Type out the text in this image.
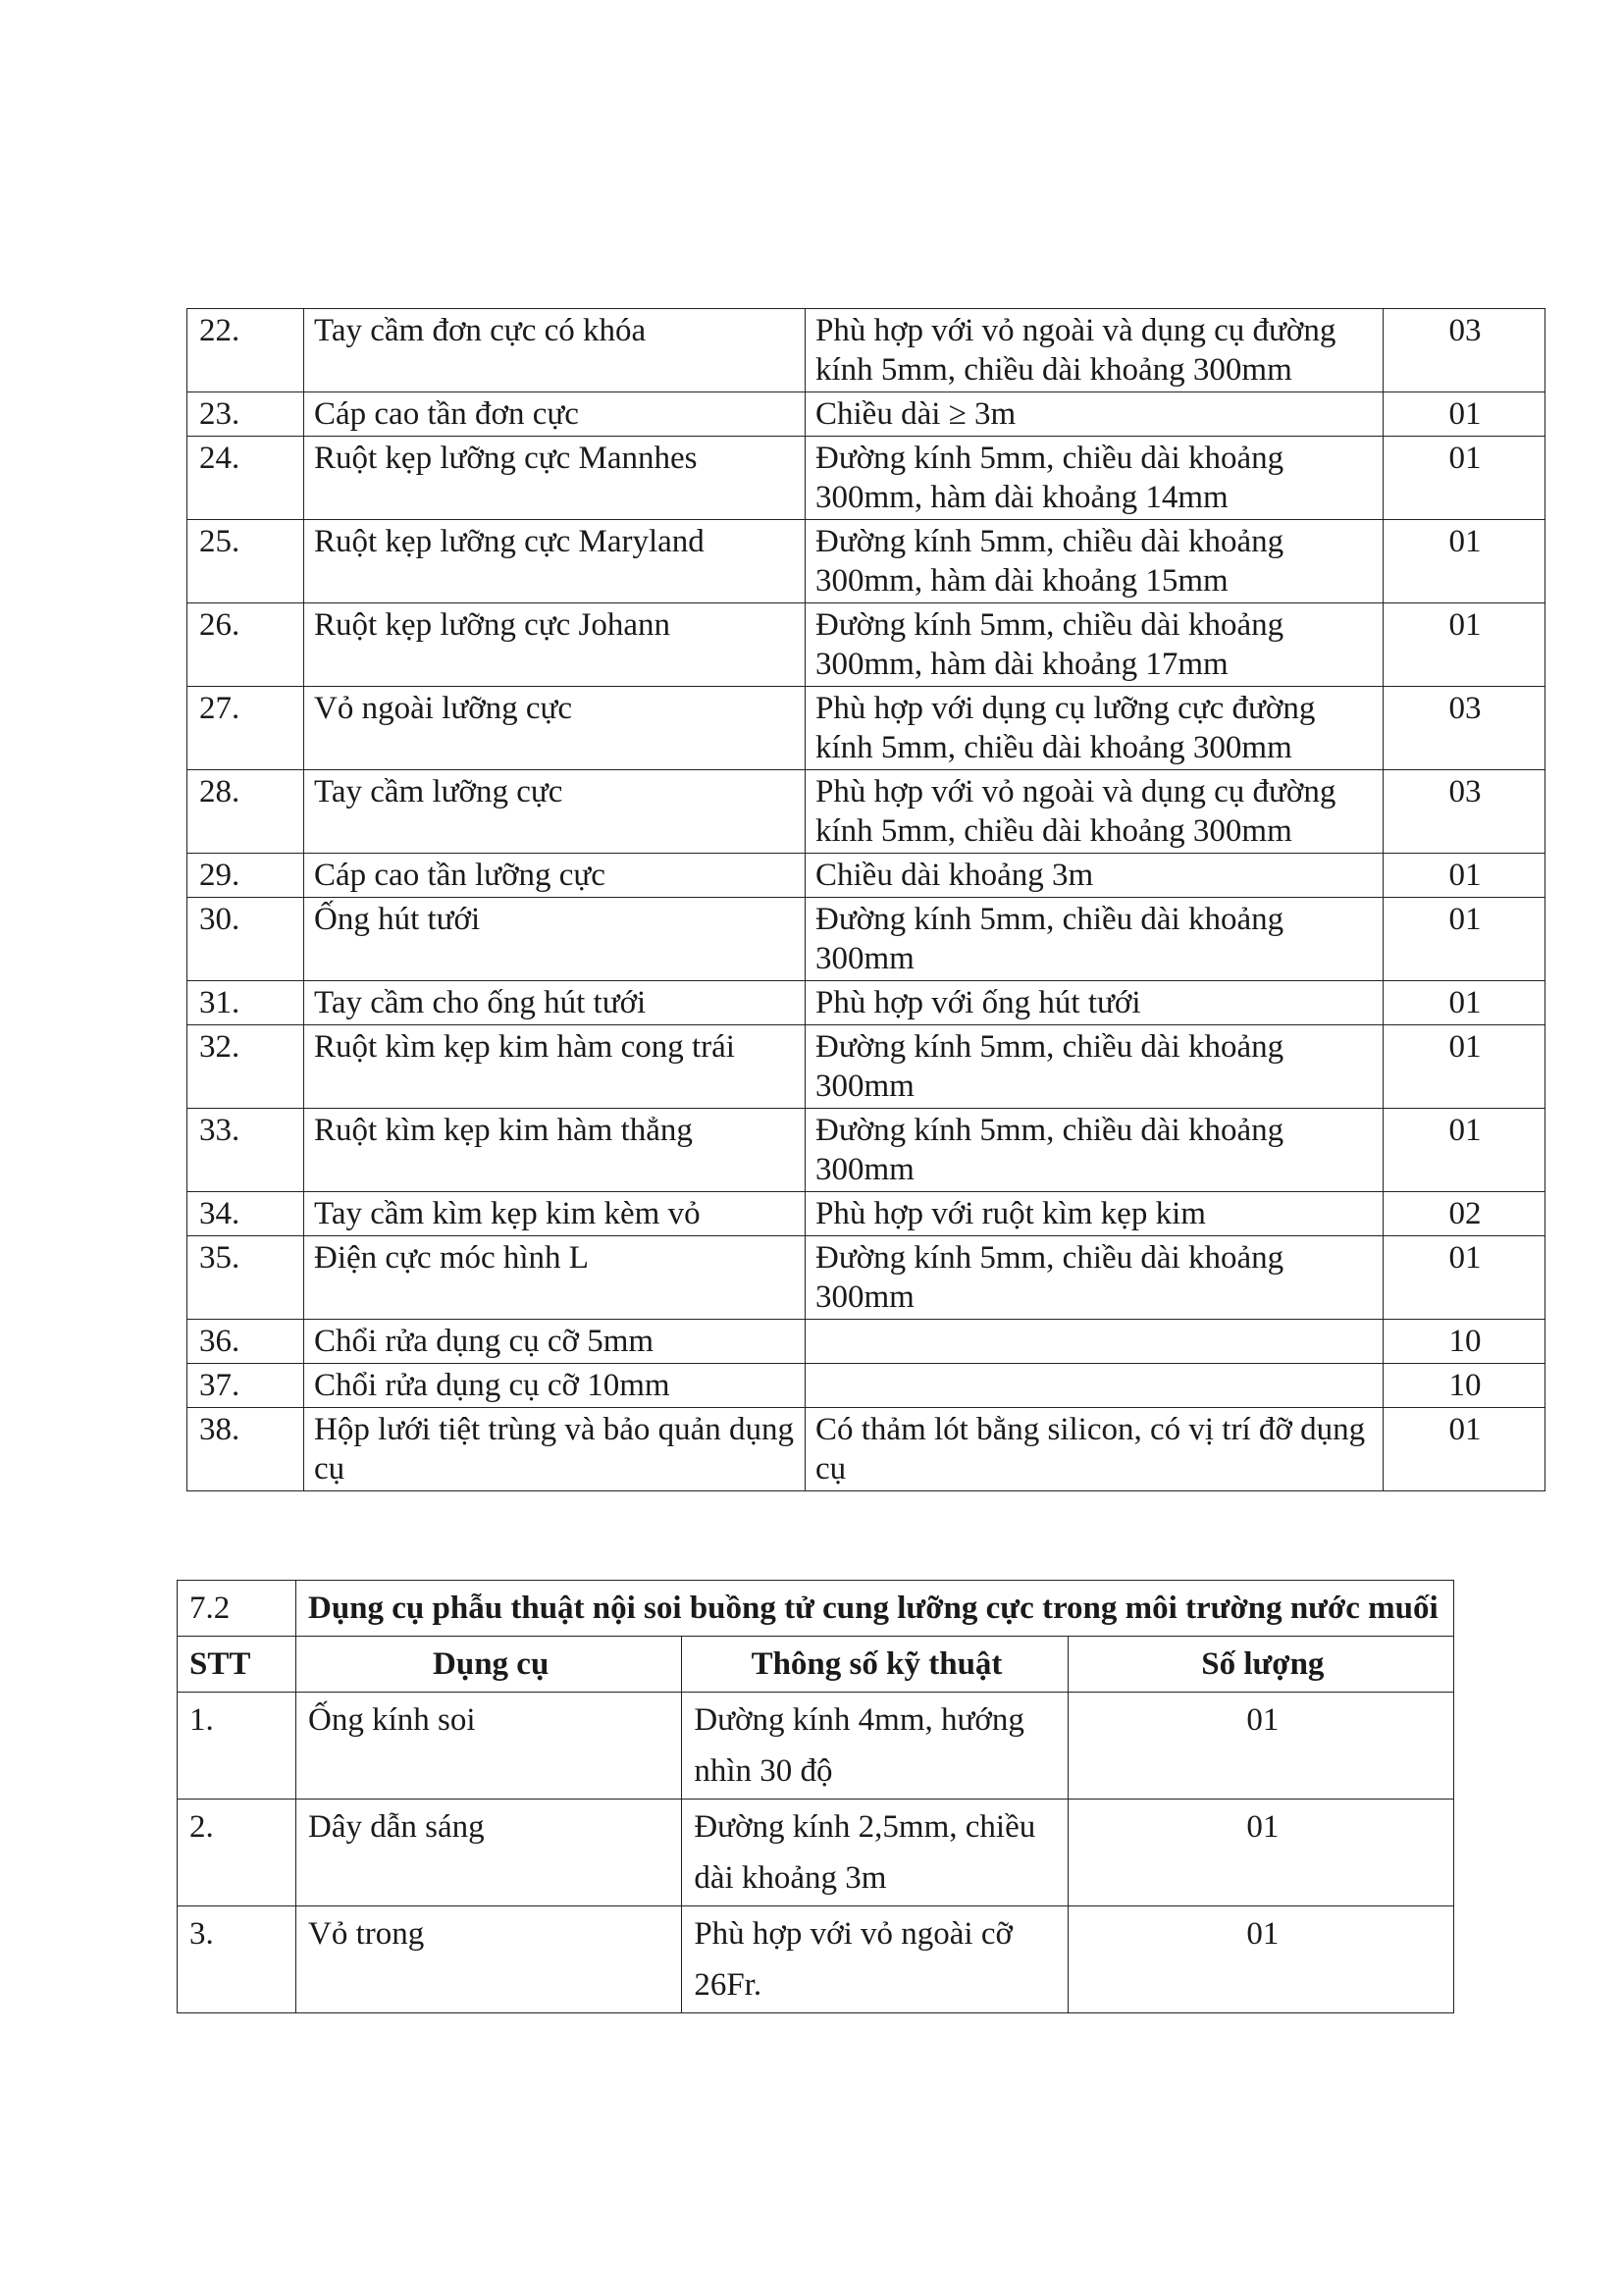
22.	Tay cầm đơn cực có khóa	Phù hợp với vỏ ngoài và dụng cụ đường kính 5mm, chiều dài khoảng 300mm	03
23.	Cáp cao tần đơn cực	Chiều dài ≥ 3m	01
24.	Ruột kẹp lưỡng cực Mannhes	Đường kính 5mm, chiều dài khoảng 300mm, hàm dài khoảng 14mm	01
25.	Ruột kẹp lưỡng cực Maryland	Đường kính 5mm, chiều dài khoảng 300mm, hàm dài khoảng 15mm	01
26.	Ruột kẹp lưỡng cực Johann	Đường kính 5mm, chiều dài khoảng 300mm, hàm dài khoảng 17mm	01
27.	Vỏ ngoài lưỡng cực	Phù hợp với dụng cụ lưỡng cực đường kính 5mm, chiều dài khoảng 300mm	03
28.	Tay cầm lưỡng cực	Phù hợp với vỏ ngoài và dụng cụ đường kính 5mm, chiều dài khoảng 300mm	03
29.	Cáp cao tần lưỡng cực	Chiều dài khoảng 3m	01
30.	Ống hút tưới	Đường kính 5mm, chiều dài khoảng 300mm	01
31.	Tay cầm cho ống hút tưới	Phù hợp với ống hút tưới	01
32.	Ruột kìm kẹp kim hàm cong trái	Đường kính 5mm, chiều dài khoảng 300mm	01
33.	Ruột kìm kẹp kim hàm thẳng	Đường kính 5mm, chiều dài khoảng 300mm	01
34.	Tay cầm kìm kẹp kim kèm vỏ	Phù hợp với ruột kìm kẹp kim	02
35.	Điện cực móc hình L	Đường kính 5mm, chiều dài khoảng 300mm	01
36.	Chổi rửa dụng cụ cỡ 5mm		10
37.	Chổi rửa dụng cụ cỡ 10mm		10
38.	Hộp lưới tiệt trùng và bảo quản dụng cụ	Có thảm lót bằng silicon, có vị trí đỡ dụng cụ	01
7.2	Dụng cụ phẫu thuật nội soi buồng tử cung lưỡng cực trong môi trường nước muối		
STT	Dụng cụ	Thông số kỹ thuật	Số lượng
1.	Ống kính soi	Dường kính 4mm, hướng nhìn 30 độ	01
2.	Dây dẫn sáng	Đường kính 2,5mm, chiều dài khoảng 3m	01
3.	Vỏ trong	Phù hợp với vỏ ngoài cỡ 26Fr.	01
